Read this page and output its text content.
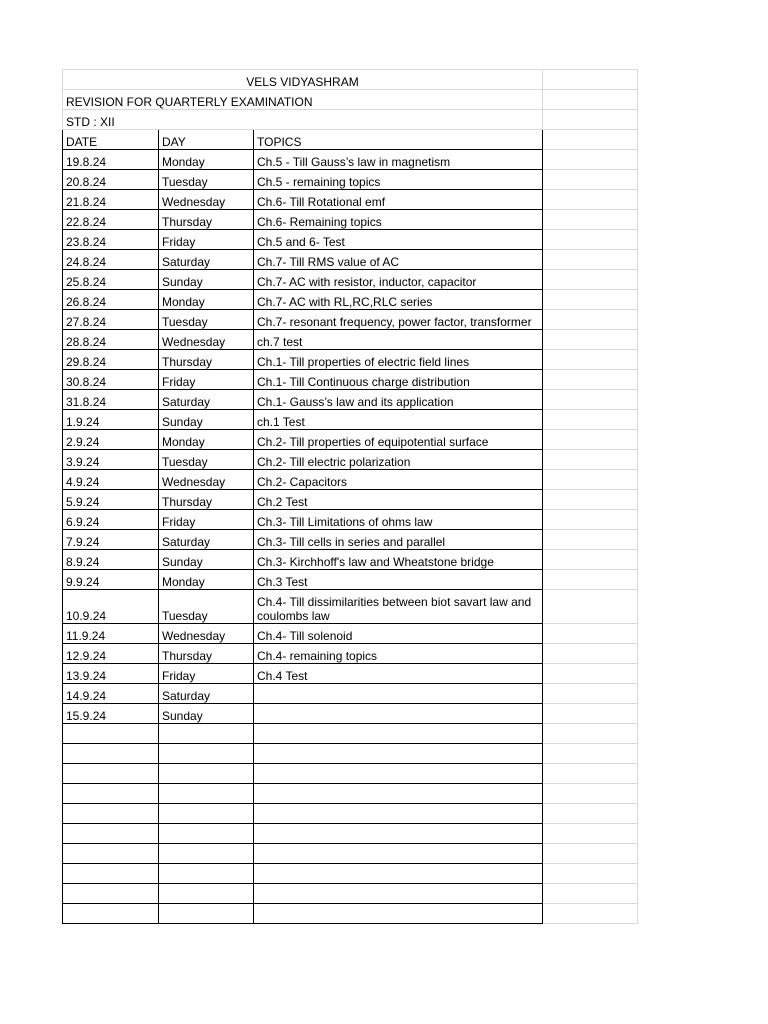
VELS VIDYASHRAM			
REVISION FOR QUARTERLY EXAMINATION			
STD : XII			
DATE	DAY	TOPICS	
19.8.24	Monday	Ch.5 - Till Gauss’s law in magnetism	
20.8.24	Tuesday	Ch.5 - remaining topics	
21.8.24	Wednesday	Ch.6- Till Rotational emf	
22.8.24	Thursday	Ch.6- Remaining topics	
23.8.24	Friday	Ch.5 and 6- Test	
24.8.24	Saturday	Ch.7- Till RMS value of AC	
25.8.24	Sunday	Ch.7- AC with resistor, inductor, capacitor	
26.8.24	Monday	Ch.7- AC with RL,RC,RLC series	
27.8.24	Tuesday	Ch.7- resonant frequency, power factor, transformer	
28.8.24	Wednesday	ch.7 test	
29.8.24	Thursday	Ch.1- Till properties of electric field lines	
30.8.24	Friday	Ch.1- Till Continuous charge distribution	
31.8.24	Saturday	Ch.1- Gauss’s law and its application	
1.9.24	Sunday	ch.1 Test	
2.9.24	Monday	Ch.2- Till properties of equipotential surface	
3.9.24	Tuesday	Ch.2- Till electric polarization	
4.9.24	Wednesday	Ch.2- Capacitors	
5.9.24	Thursday	Ch.2 Test	
6.9.24	Friday	Ch.3- Till Limitations of ohms law	
7.9.24	Saturday	Ch.3- Till cells in series and parallel	
8.9.24	Sunday	Ch.3- Kirchhoff's law and Wheatstone bridge	
9.9.24	Monday	Ch.3 Test	
10.9.24	Tuesday	Ch.4- Till dissimilarities between biot savart law and coulombs law	
11.9.24	Wednesday	Ch.4- Till solenoid	
12.9.24	Thursday	Ch.4- remaining topics	
13.9.24	Friday	Ch.4 Test	
14.9.24	Saturday		
15.9.24	Sunday		
